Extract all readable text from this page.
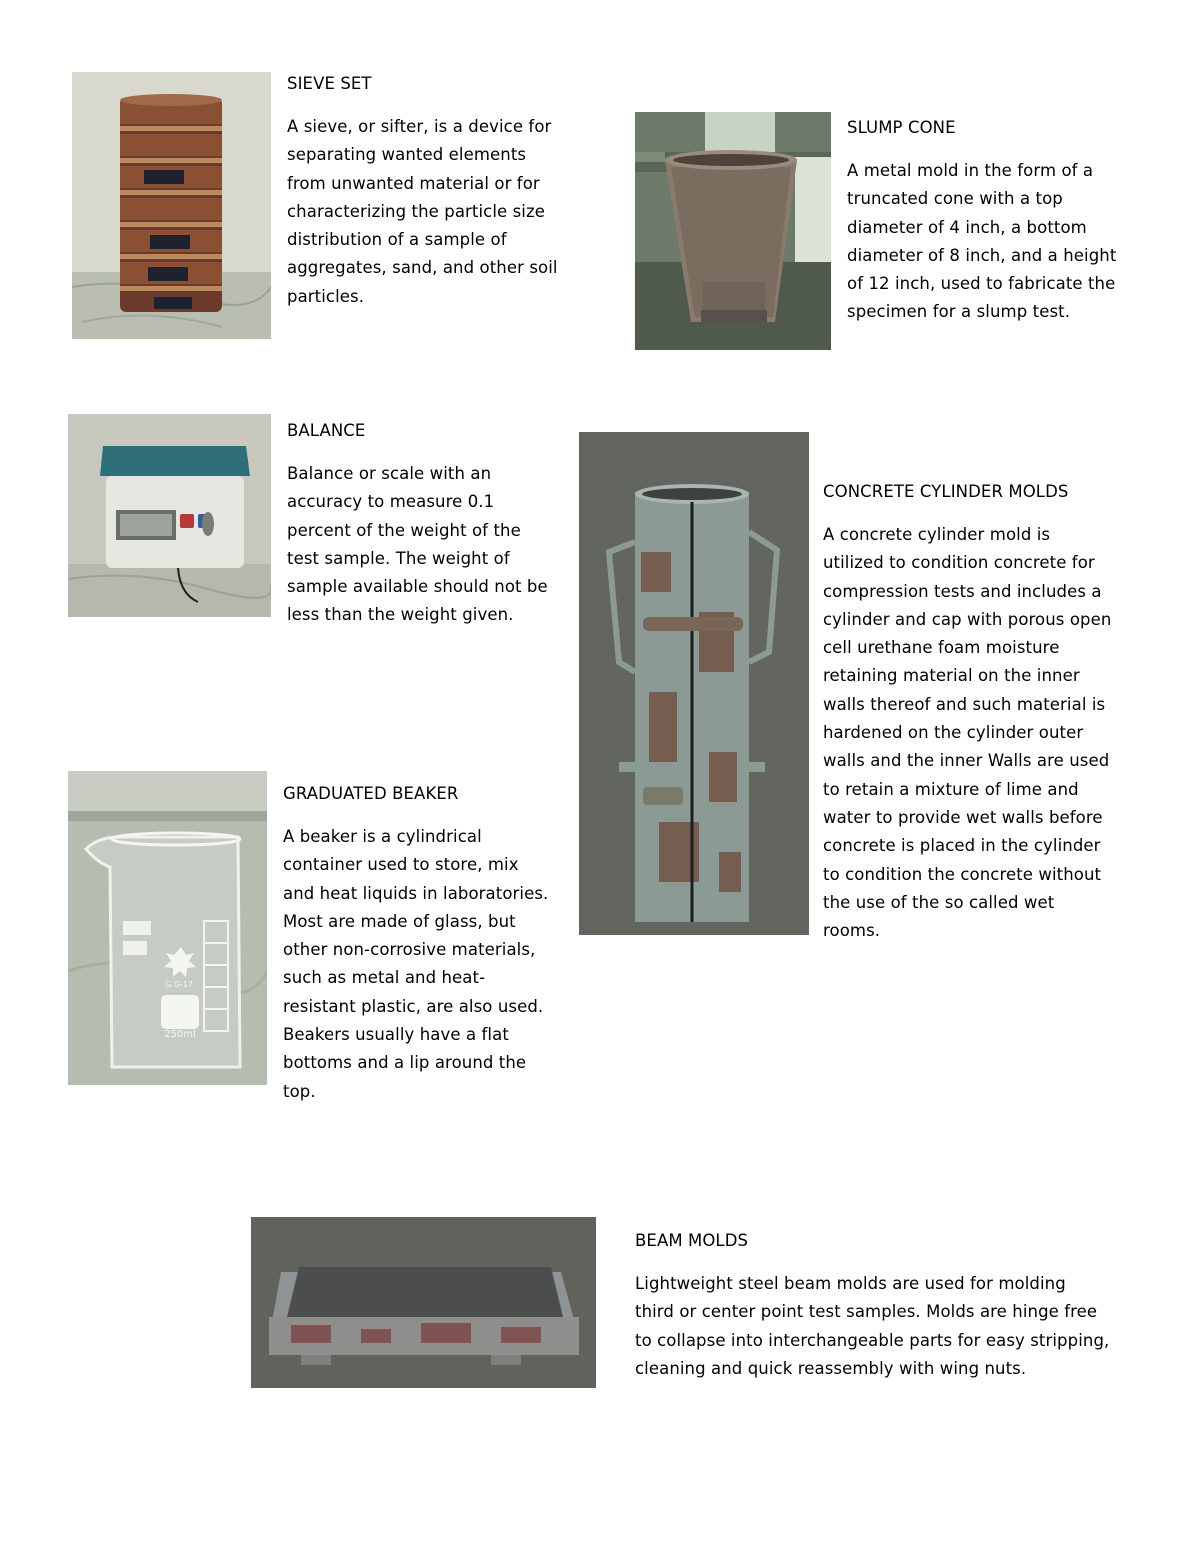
SIEVE SET

A sieve, or sifter, is a device for
separating wanted elements
from unwanted material or for
characterizing the particle size
distribution of a sample of
aggregates, sand, and other soil
particles.

SLUMP CONE

A metal mold in the form of a
truncated cone with a top
diameter of 4 inch, a bottom
diameter of 8 inch, and a height
of 12 inch, used to fabricate the
specimen for a slump test.

BALANCE

Balance or scale with an
accuracy to measure 0.1
percent of the weight of the
test sample. The weight of
sample available should not be
less than the weight given.

CONCRETE CYLINDER MOLDS

A concrete cylinder mold is
utilized to condition concrete for
compression tests and includes a
cylinder and cap with porous open
cell urethane foam moisture
retaining material on the inner
walls thereof and such material is
hardened on the cylinder outer
walls and the inner Walls are used
to retain a mixture of lime and
water to provide wet walls before
concrete is placed in the cylinder
to condition the concrete without
the use of the so called wet
rooms.

G.G-17
250ml
GRADUATED BEAKER

A beaker is a cylindrical
container used to store, mix
and heat liquids in laboratories.
Most are made of glass, but
other non-corrosive materials,
such as metal and heat-
resistant plastic, are also used.
Beakers usually have a flat
bottoms and a lip around the
top.

BEAM MOLDS

Lightweight steel beam molds are used for molding
third or center point test samples. Molds are hinge free
to collapse into interchangeable parts for easy stripping,
cleaning and quick reassembly with wing nuts.
